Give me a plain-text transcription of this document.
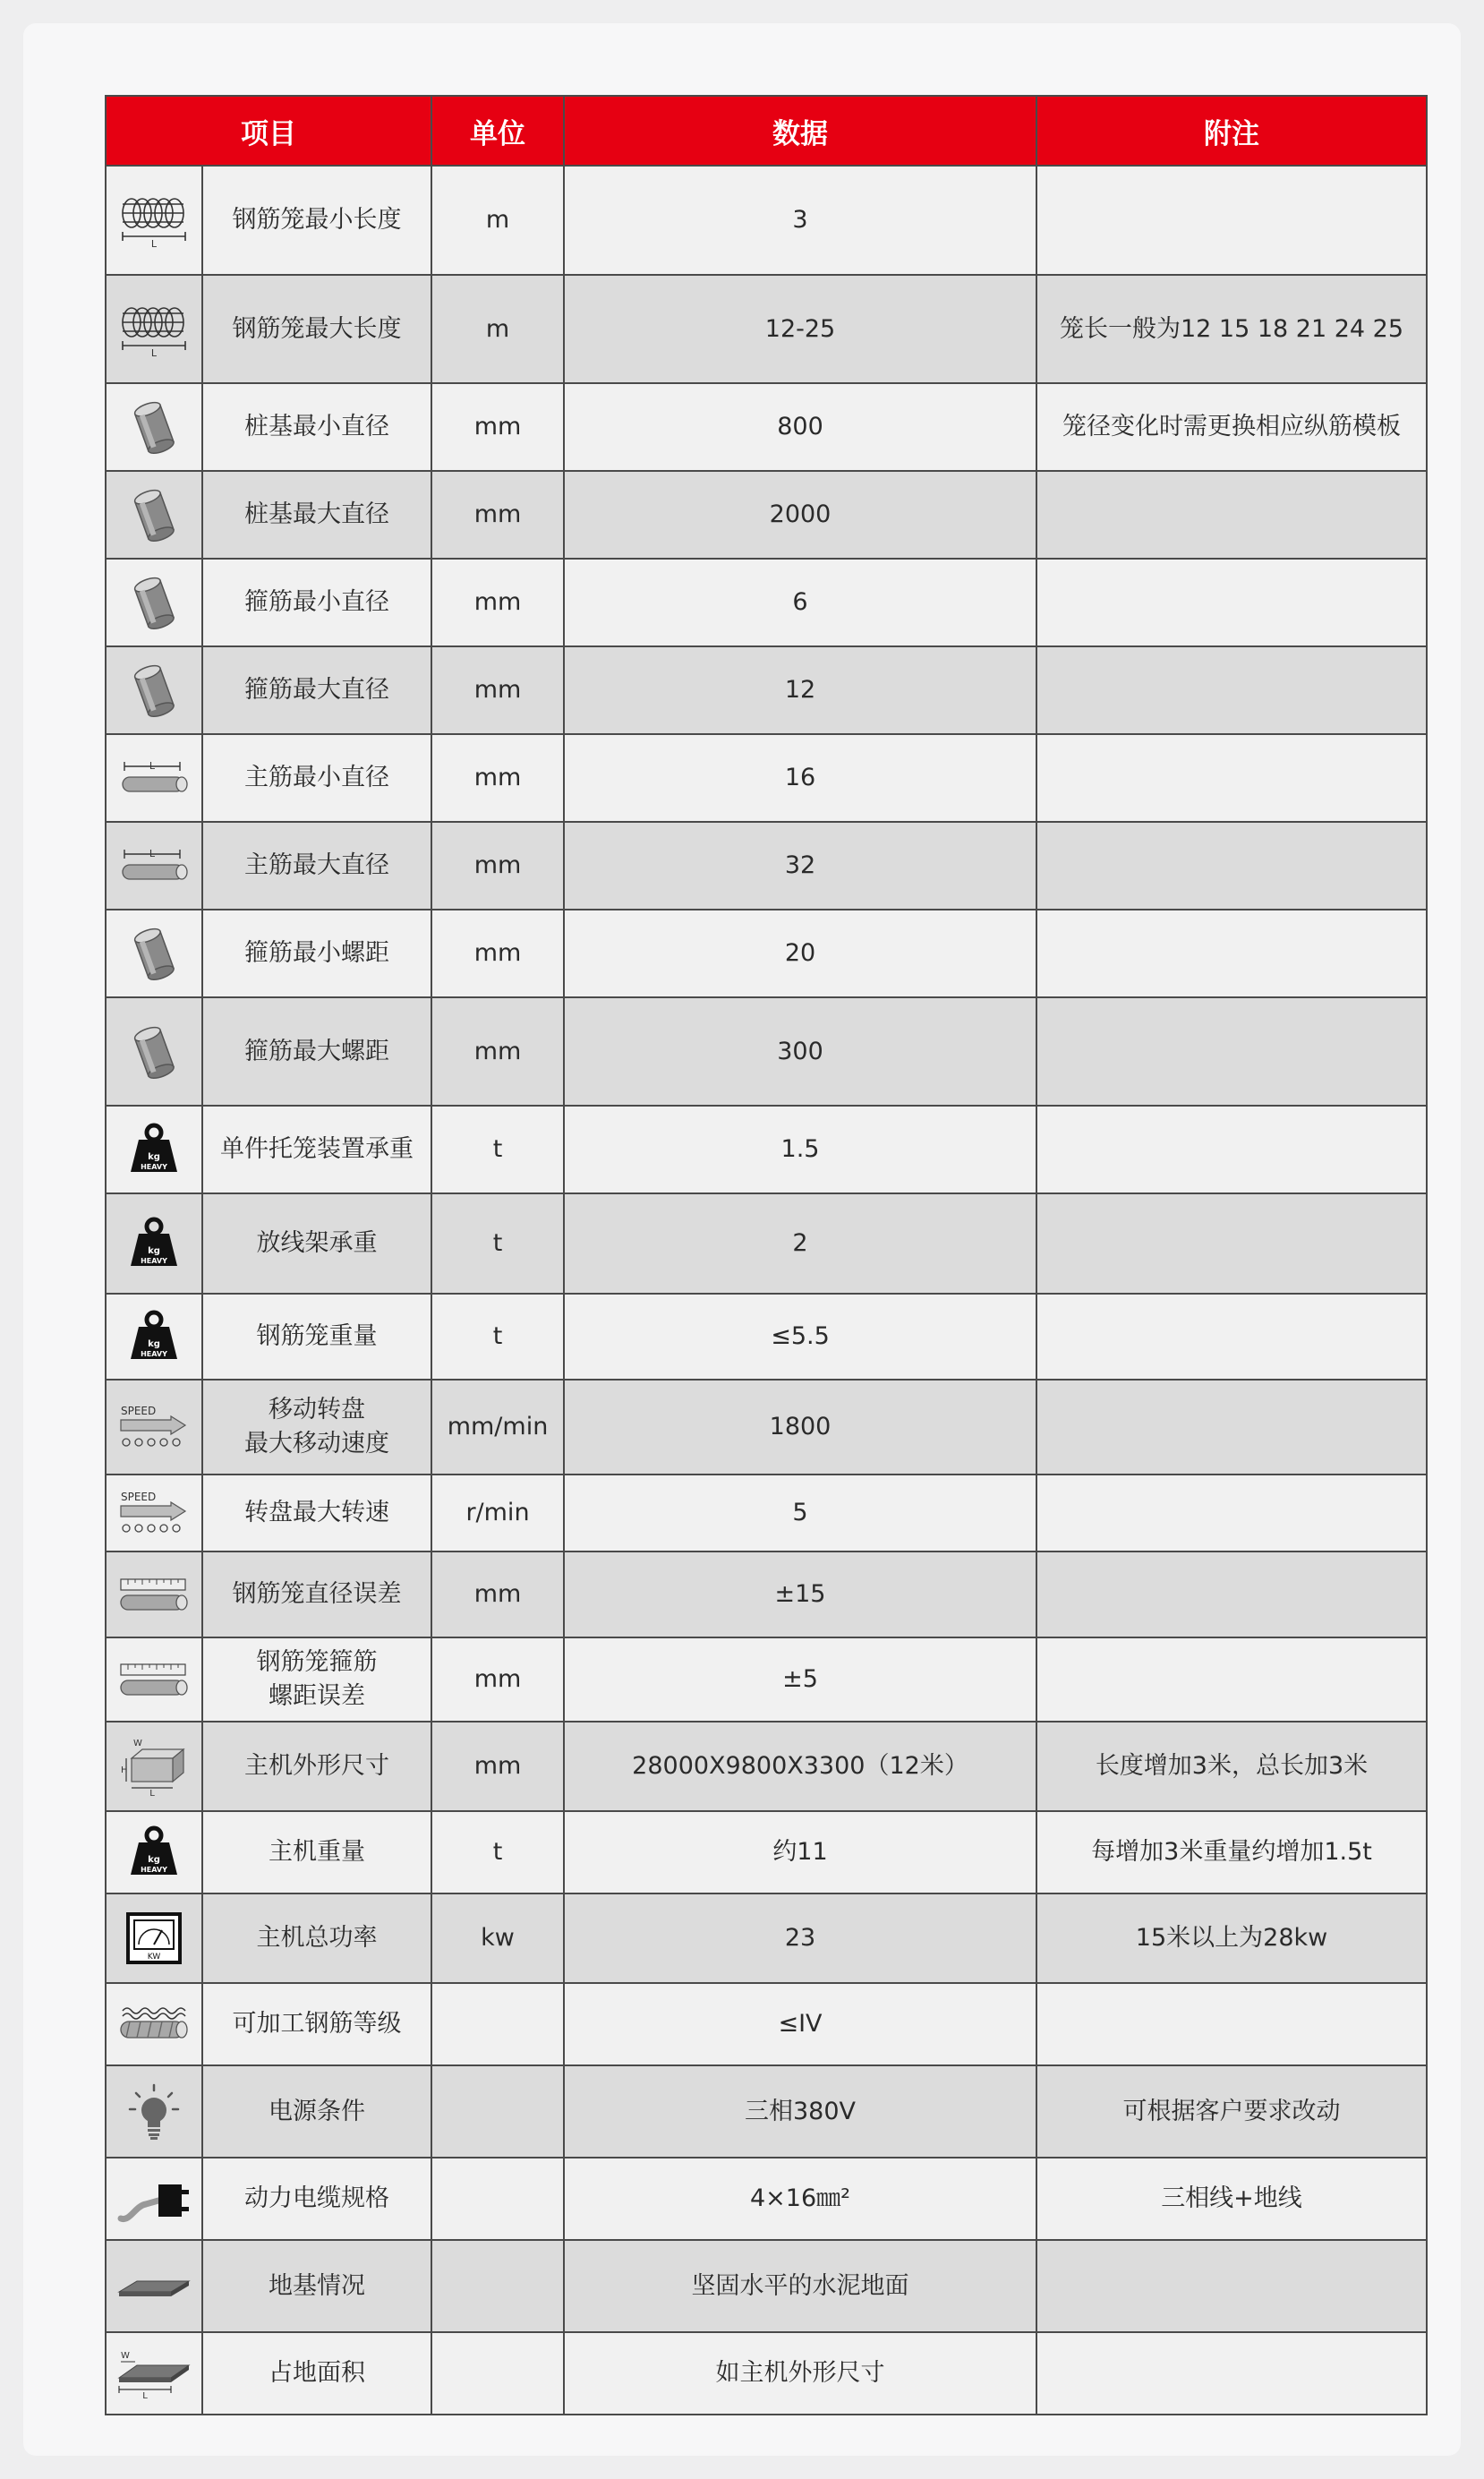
项目		单位	数据	附注

L	钢筋笼最小长度	m	3	

L	钢筋笼最大长度	m	12-25	笼长一般为12 15 18 21 24 25

	桩基最小直径	mm	800	笼径变化时需更换相应纵筋模板

	桩基最大直径	mm	2000	

	箍筋最小直径	mm	6	

	箍筋最大直径	mm	12	

L	主筋最小直径	mm	16	

L	主筋最大直径	mm	32	

	箍筋最小螺距	mm	20	

	箍筋最大螺距	mm	300	

kg
HEAVY	单件托笼装置承重	t	1.5	

kg
HEAVY	放线架承重	t	2	

kg
HEAVY	钢筋笼重量	t	≤5.5	

SPEED	移动转盘
最大移动速度	mm/min	1800	

SPEED	转盘最大转速	r/min	5	

	钢筋笼直径误差	mm	±15	

钢筋笼箍筋
螺距误差	mm	±5	

W
H
L	主机外形尺寸	mm	28000X9800X3300（12米）	长度增加3米，总长加3米

kg
HEAVY	主机重量	t	约11	每增加3米重量约增加1.5t

KW	主机总功率	kw	23	15米以上为28kw

	可加工钢筋等级		≤IV	

	电源条件		三相380V	可根据客户要求改动

	动力电缆规格		4×16㎜²	三相线+地线

	地基情况		坚固水平的水泥地面	

W
L	占地面积		如主机外形尺寸	
